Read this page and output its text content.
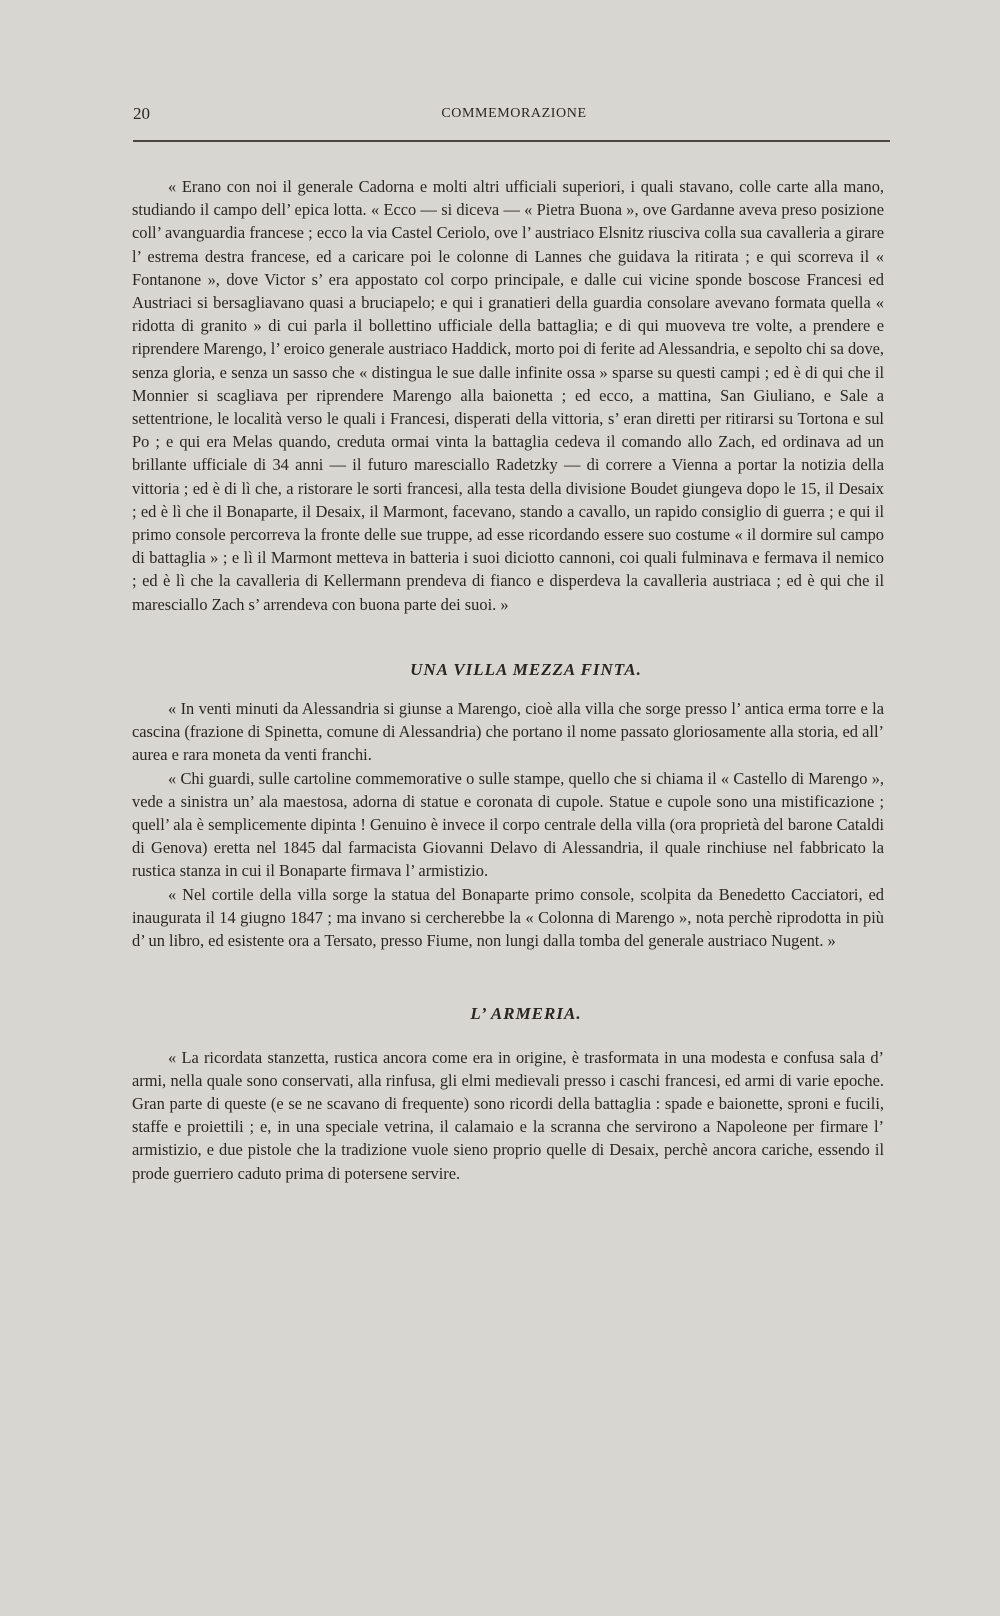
20	COMMEMORAZIONE

« Erano con noi il generale Cadorna e molti altri ufficiali superiori, i quali stavano, colle carte alla mano, studiando il campo dell’ epica lotta. « Ecco — si diceva — « Pietra Buona », ove Gardanne aveva preso posizione coll’ avanguardia francese ; ecco la via Castel Ceriolo, ove l’ austriaco Elsnitz riusciva colla sua cavalleria a girare l’ estrema destra francese, ed a caricare poi le colonne di Lannes che guidava la ritirata ; e qui scorreva il « Fontanone », dove Victor s’ era appostato col corpo principale, e dalle cui vicine sponde boscose Francesi ed Austriaci si bersagliavano quasi a bruciapelo; e qui i granatieri della guardia consolare avevano formata quella « ridotta di granito » di cui parla il bollettino ufficiale della battaglia; e di qui muoveva tre volte, a prendere e riprendere Marengo, l’ eroico generale austriaco Haddick, morto poi di ferite ad Alessandria, e sepolto chi sa dove, senza gloria, e senza un sasso che « distingua le sue dalle infinite ossa » sparse su questi campi ; ed è di qui che il Monnier si scagliava per riprendere Marengo alla baionetta ; ed ecco, a mattina, San Giuliano, e Sale a settentrione, le località verso le quali i Francesi, disperati della vittoria, s’ eran diretti per ritirarsi su Tortona e sul Po ; e qui era Melas quando, creduta ormai vinta la battaglia cedeva il comando allo Zach, ed ordinava ad un brillante ufficiale di 34 anni — il futuro maresciallo Radetzky — di correre a Vienna a portar la notizia della vittoria ; ed è di lì che, a ristorare le sorti francesi, alla testa della divisione Boudet giungeva dopo le 15, il Desaix ; ed è lì che il Bonaparte, il Desaix, il Marmont, facevano, stando a cavallo, un rapido consiglio di guerra ; e qui il primo console percorreva la fronte delle sue truppe, ad esse ricordando essere suo costume « il dormire sul campo di battaglia » ; e lì il Marmont metteva in batteria i suoi diciotto cannoni, coi quali fulminava e fermava il nemico ; ed è lì che la cavalleria di Kellermann prendeva di fianco e disperdeva la cavalleria austriaca ; ed è qui che il maresciallo Zach s’ arrendeva con buona parte dei suoi. »

UNA VILLA MEZZA FINTA.

« In venti minuti da Alessandria si giunse a Marengo, cioè alla villa che sorge presso l’ antica erma torre e la cascina (frazione di Spinetta, comune di Alessandria) che portano il nome passato gloriosamente alla storia, ed all’ aurea e rara moneta da venti franchi.

« Chi guardi, sulle cartoline commemorative o sulle stampe, quello che si chiama il « Castello di Marengo », vede a sinistra un’ ala maestosa, adorna di statue e coronata di cupole. Statue e cupole sono una mistificazione ; quell’ ala è semplicemente dipinta ! Genuino è invece il corpo centrale della villa (ora proprietà del barone Cataldi di Genova) eretta nel 1845 dal farmacista Giovanni Delavo di Alessandria, il quale rinchiuse nel fabbricato la rustica stanza in cui il Bonaparte firmava l’ armistizio.

« Nel cortile della villa sorge la statua del Bonaparte primo console, scolpita da Benedetto Cacciatori, ed inaugurata il 14 giugno 1847 ; ma invano si cercherebbe la « Colonna di Marengo », nota perchè riprodotta in più d’ un libro, ed esistente ora a Tersato, presso Fiume, non lungi dalla tomba del generale austriaco Nugent. »

L’ ARMERIA.

« La ricordata stanzetta, rustica ancora come era in origine, è trasformata in una modesta e confusa sala d’ armi, nella quale sono conservati, alla rinfusa, gli elmi medievali presso i caschi francesi, ed armi di varie epoche. Gran parte di queste (e se ne scavano di frequente) sono ricordi della battaglia : spade e baionette, sproni e fucili, staffe e proiettili ; e, in una speciale vetrina, il calamaio e la scranna che servirono a Napoleone per firmare l’ armistizio, e due pistole che la tradizione vuole sieno proprio quelle di Desaix, perchè ancora cariche, essendo il prode guerriero caduto prima di potersene servire.
